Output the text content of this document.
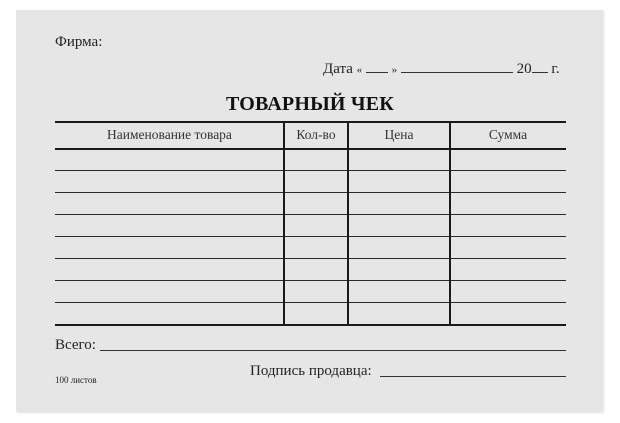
Фирма:
Дата «	»	20 г.
ТОВАРНЫЙ ЧЕК
Наименование товара	Кол-во	Цена	Сумма
Всего:
100 листов
Подпись продавца:
